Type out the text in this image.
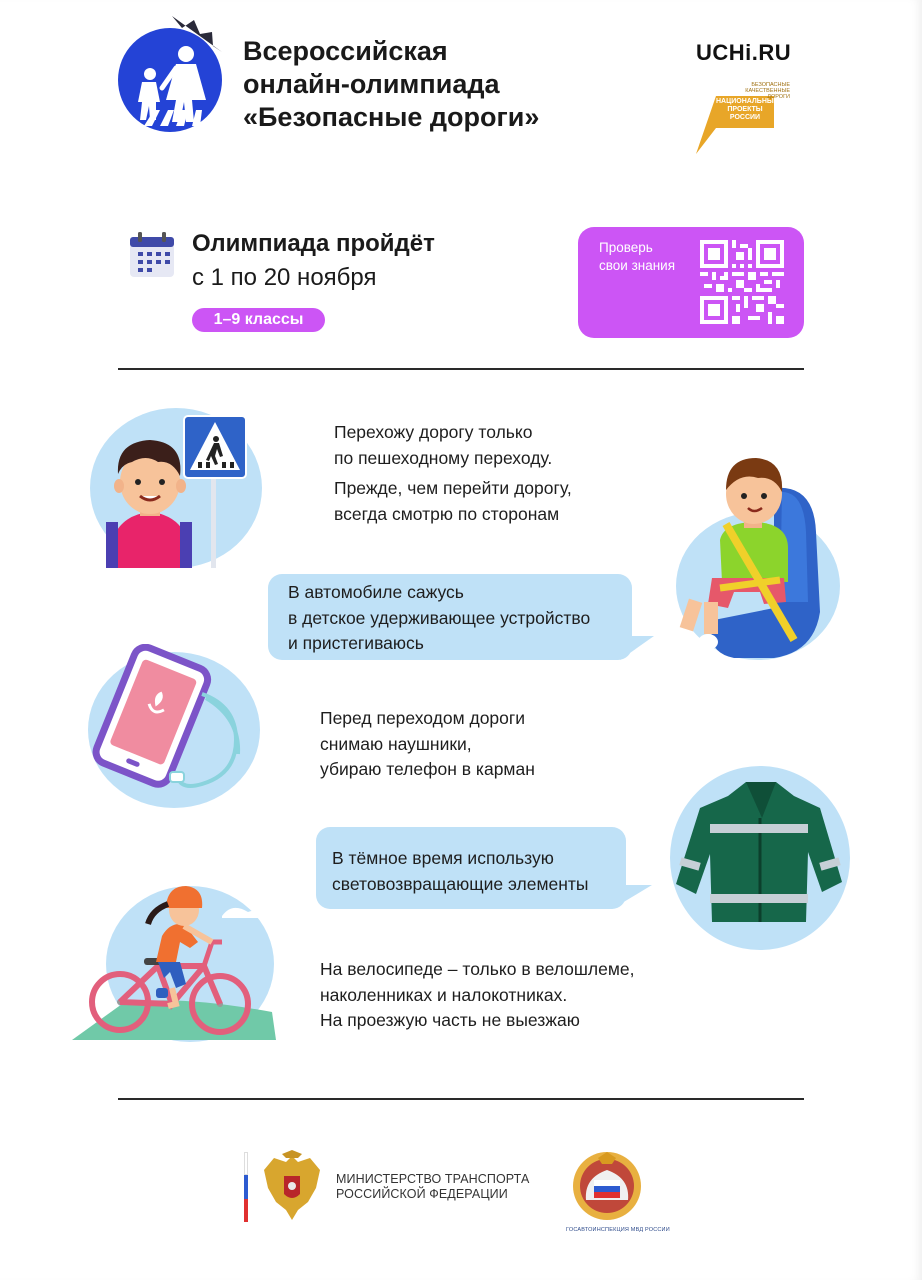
Всероссийская
онлайн-олимпиада
«Безопасные дороги»
UCHi.RU
БЕЗОПАСНЫЕ
КАЧЕСТВЕННЫЕ ДОРОГИ
НАЦИОНАЛЬНЫЕ
ПРОЕКТЫ
РОССИИ
Олимпиада пройдёт
с 1 по 20 ноября
1–9 классы
Проверь
свои знания
Перехожу дорогу только
по пешеходному переходу.
Прежде, чем перейти дорогу,
всегда смотрю по сторонам
В автомобиле сажусь
в детское удерживающее устройство
и пристегиваюсь
Перед переходом дороги
снимаю наушники,
убираю телефон в карман
В тёмное время использую
световозвращающие элементы
На велосипеде – только в велошлеме,
наколенниках и налокотниках.
На проезжую часть не выезжаю
МИНИСТЕРСТВО ТРАНСПОРТА
РОССИЙСКОЙ ФЕДЕРАЦИИ
ГОСАВТОИНСПЕКЦИЯ МВД РОССИИ
